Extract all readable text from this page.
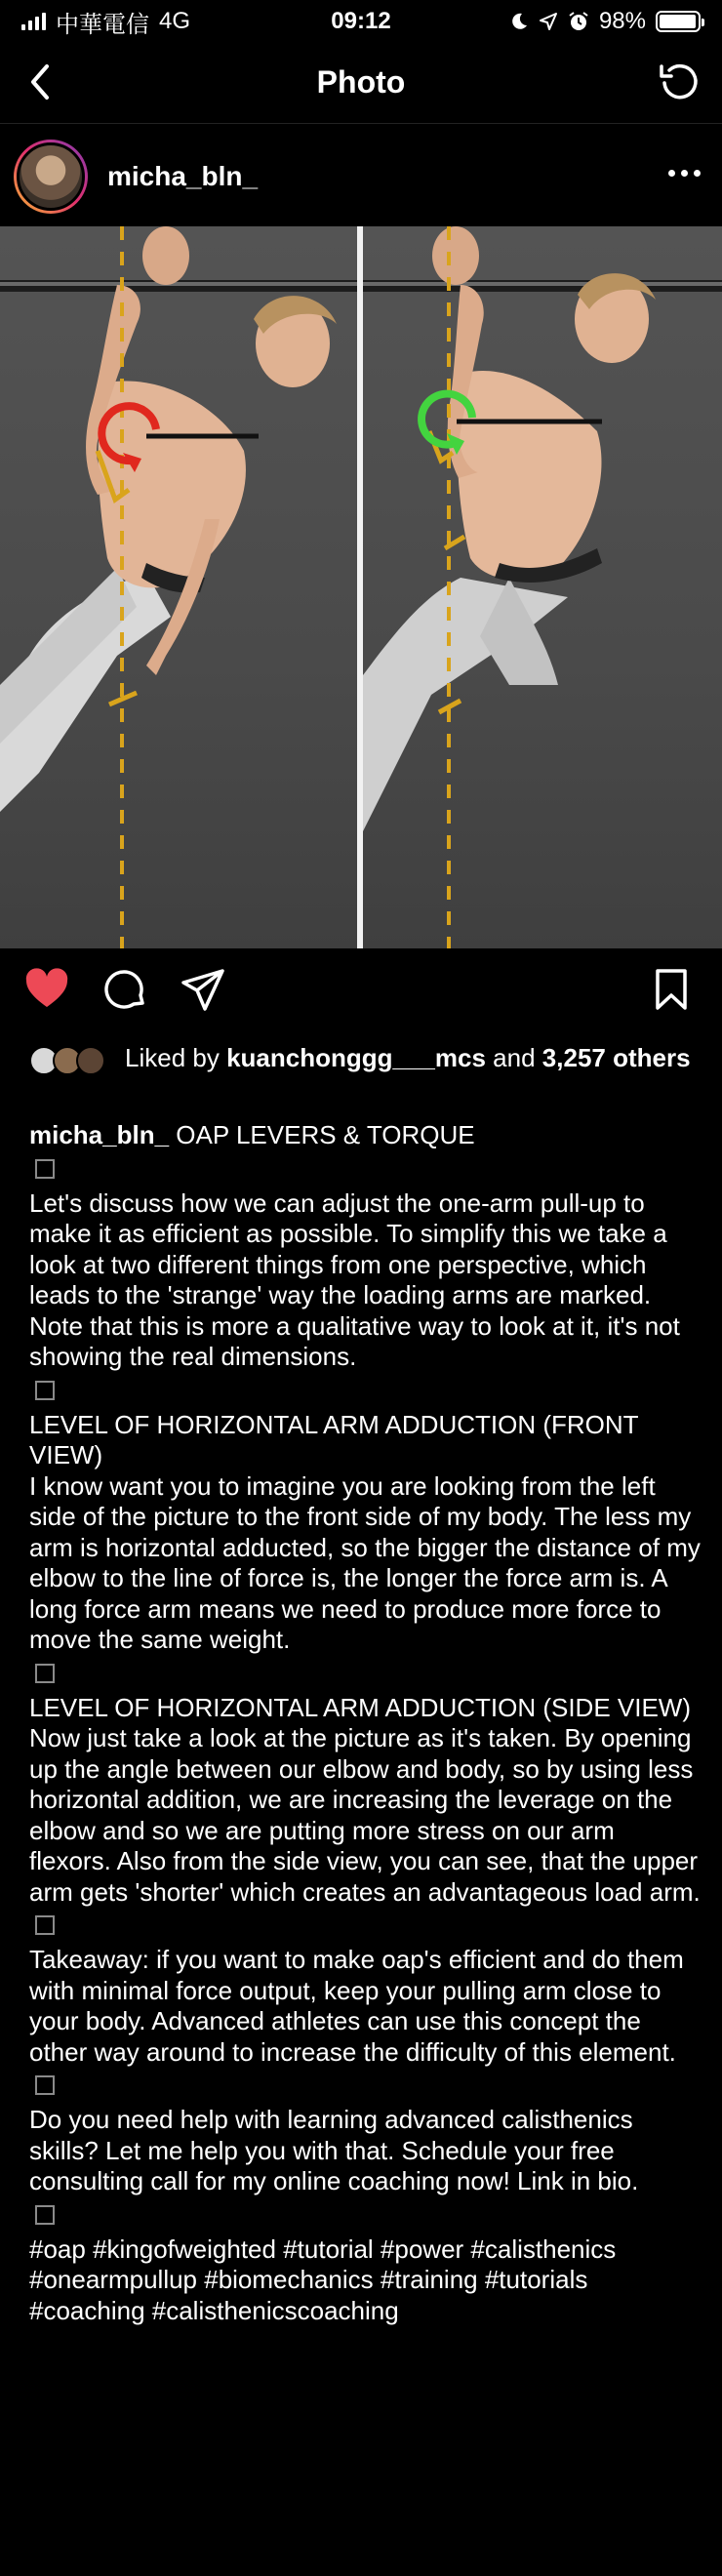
中華電信 4G	09:12	98%
Photo
micha_bln_
Liked by kuanchonggg___mcs and 3,257 others
micha_bln_ OAP LEVERS & TORQUE
Let's discuss how we can adjust the one-arm pull-up to make it as efficient as possible. To simplify this we take a look at two different things from one perspective, which leads to the 'strange' way the loading arms are marked. Note that this is more a qualitative way to look at it, it's not showing the real dimensions.
LEVEL OF HORIZONTAL ARM ADDUCTION (FRONT VIEW)
I know want you to imagine you are looking from the left side of the picture to the front side of my body. The less my arm is horizontal adducted, so the bigger the distance of my elbow to the line of force is, the longer the force arm is. A long force arm means we need to produce more force to move the same weight.
LEVEL OF HORIZONTAL ARM ADDUCTION (SIDE VIEW)
Now just take a look at the picture as it's taken. By opening up the angle between our elbow and body, so by using less horizontal addition, we are increasing the leverage on the elbow and so we are putting more stress on our arm flexors. Also from the side view, you can see, that the upper arm gets 'shorter' which creates an advantageous load arm.
Takeaway: if you want to make oap's efficient and do them with minimal force output, keep your pulling arm close to your body. Advanced athletes can use this concept the other way around to increase the difficulty of this element.
Do you need help with learning advanced calisthenics skills? Let me help you with that. Schedule your free consulting call for my online coaching now! Link in bio.
#oap #kingofweighted #tutorial #power #calisthenics #onearmpullup #biomechanics #training #tutorials #coaching #calisthenicscoaching
